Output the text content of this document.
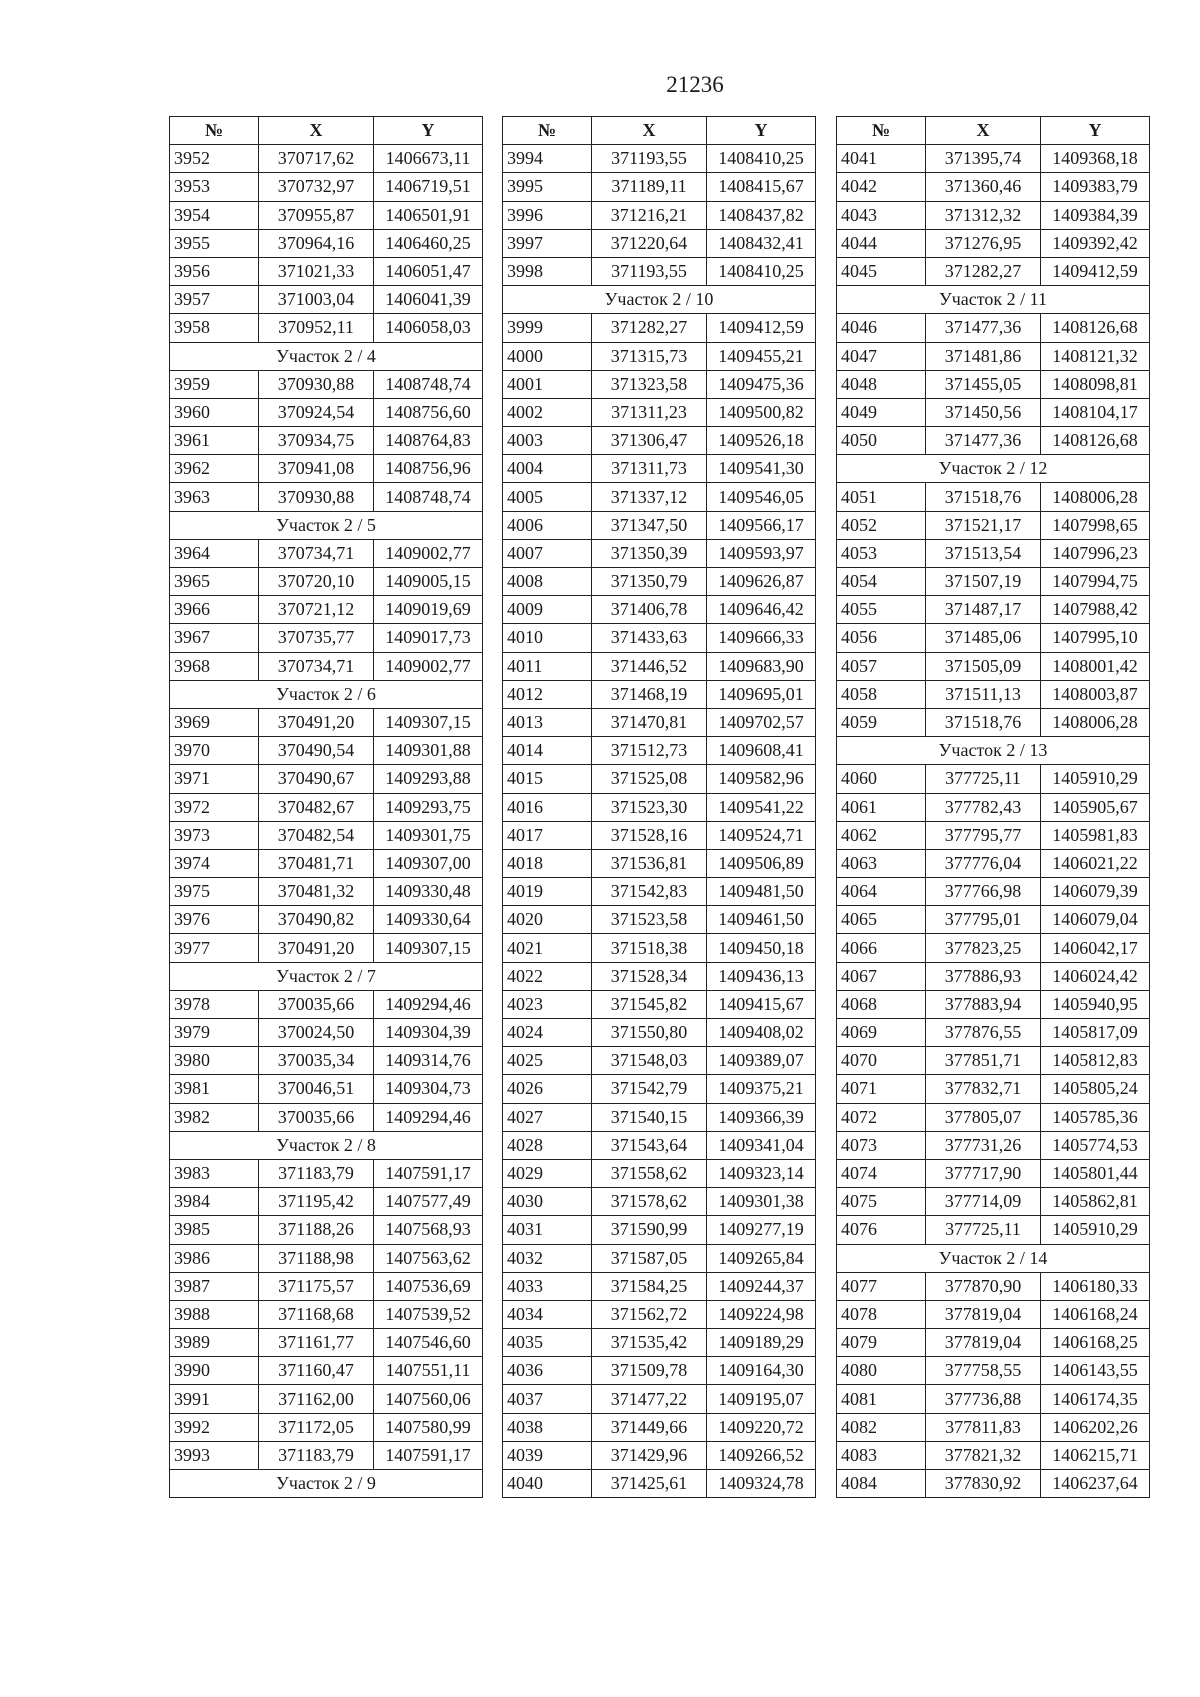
21236
№	X	Y
3952	370717,62	1406673,11
3953	370732,97	1406719,51
3954	370955,87	1406501,91
3955	370964,16	1406460,25
3956	371021,33	1406051,47
3957	371003,04	1406041,39
3958	370952,11	1406058,03
Участок 2 / 4		
3959	370930,88	1408748,74
3960	370924,54	1408756,60
3961	370934,75	1408764,83
3962	370941,08	1408756,96
3963	370930,88	1408748,74
Участок 2 / 5		
3964	370734,71	1409002,77
3965	370720,10	1409005,15
3966	370721,12	1409019,69
3967	370735,77	1409017,73
3968	370734,71	1409002,77
Участок 2 / 6		
3969	370491,20	1409307,15
3970	370490,54	1409301,88
3971	370490,67	1409293,88
3972	370482,67	1409293,75
3973	370482,54	1409301,75
3974	370481,71	1409307,00
3975	370481,32	1409330,48
3976	370490,82	1409330,64
3977	370491,20	1409307,15
Участок 2 / 7		
3978	370035,66	1409294,46
3979	370024,50	1409304,39
3980	370035,34	1409314,76
3981	370046,51	1409304,73
3982	370035,66	1409294,46
Участок 2 / 8		
3983	371183,79	1407591,17
3984	371195,42	1407577,49
3985	371188,26	1407568,93
3986	371188,98	1407563,62
3987	371175,57	1407536,69
3988	371168,68	1407539,52
3989	371161,77	1407546,60
3990	371160,47	1407551,11
3991	371162,00	1407560,06
3992	371172,05	1407580,99
3993	371183,79	1407591,17
Участок 2 / 9		
№	X	Y
3994	371193,55	1408410,25
3995	371189,11	1408415,67
3996	371216,21	1408437,82
3997	371220,64	1408432,41
3998	371193,55	1408410,25
Участок 2 / 10		
3999	371282,27	1409412,59
4000	371315,73	1409455,21
4001	371323,58	1409475,36
4002	371311,23	1409500,82
4003	371306,47	1409526,18
4004	371311,73	1409541,30
4005	371337,12	1409546,05
4006	371347,50	1409566,17
4007	371350,39	1409593,97
4008	371350,79	1409626,87
4009	371406,78	1409646,42
4010	371433,63	1409666,33
4011	371446,52	1409683,90
4012	371468,19	1409695,01
4013	371470,81	1409702,57
4014	371512,73	1409608,41
4015	371525,08	1409582,96
4016	371523,30	1409541,22
4017	371528,16	1409524,71
4018	371536,81	1409506,89
4019	371542,83	1409481,50
4020	371523,58	1409461,50
4021	371518,38	1409450,18
4022	371528,34	1409436,13
4023	371545,82	1409415,67
4024	371550,80	1409408,02
4025	371548,03	1409389,07
4026	371542,79	1409375,21
4027	371540,15	1409366,39
4028	371543,64	1409341,04
4029	371558,62	1409323,14
4030	371578,62	1409301,38
4031	371590,99	1409277,19
4032	371587,05	1409265,84
4033	371584,25	1409244,37
4034	371562,72	1409224,98
4035	371535,42	1409189,29
4036	371509,78	1409164,30
4037	371477,22	1409195,07
4038	371449,66	1409220,72
4039	371429,96	1409266,52
4040	371425,61	1409324,78
№	X	Y
4041	371395,74	1409368,18
4042	371360,46	1409383,79
4043	371312,32	1409384,39
4044	371276,95	1409392,42
4045	371282,27	1409412,59
Участок 2 / 11		
4046	371477,36	1408126,68
4047	371481,86	1408121,32
4048	371455,05	1408098,81
4049	371450,56	1408104,17
4050	371477,36	1408126,68
Участок 2 / 12		
4051	371518,76	1408006,28
4052	371521,17	1407998,65
4053	371513,54	1407996,23
4054	371507,19	1407994,75
4055	371487,17	1407988,42
4056	371485,06	1407995,10
4057	371505,09	1408001,42
4058	371511,13	1408003,87
4059	371518,76	1408006,28
Участок 2 / 13		
4060	377725,11	1405910,29
4061	377782,43	1405905,67
4062	377795,77	1405981,83
4063	377776,04	1406021,22
4064	377766,98	1406079,39
4065	377795,01	1406079,04
4066	377823,25	1406042,17
4067	377886,93	1406024,42
4068	377883,94	1405940,95
4069	377876,55	1405817,09
4070	377851,71	1405812,83
4071	377832,71	1405805,24
4072	377805,07	1405785,36
4073	377731,26	1405774,53
4074	377717,90	1405801,44
4075	377714,09	1405862,81
4076	377725,11	1405910,29
Участок 2 / 14		
4077	377870,90	1406180,33
4078	377819,04	1406168,24
4079	377819,04	1406168,25
4080	377758,55	1406143,55
4081	377736,88	1406174,35
4082	377811,83	1406202,26
4083	377821,32	1406215,71
4084	377830,92	1406237,64
